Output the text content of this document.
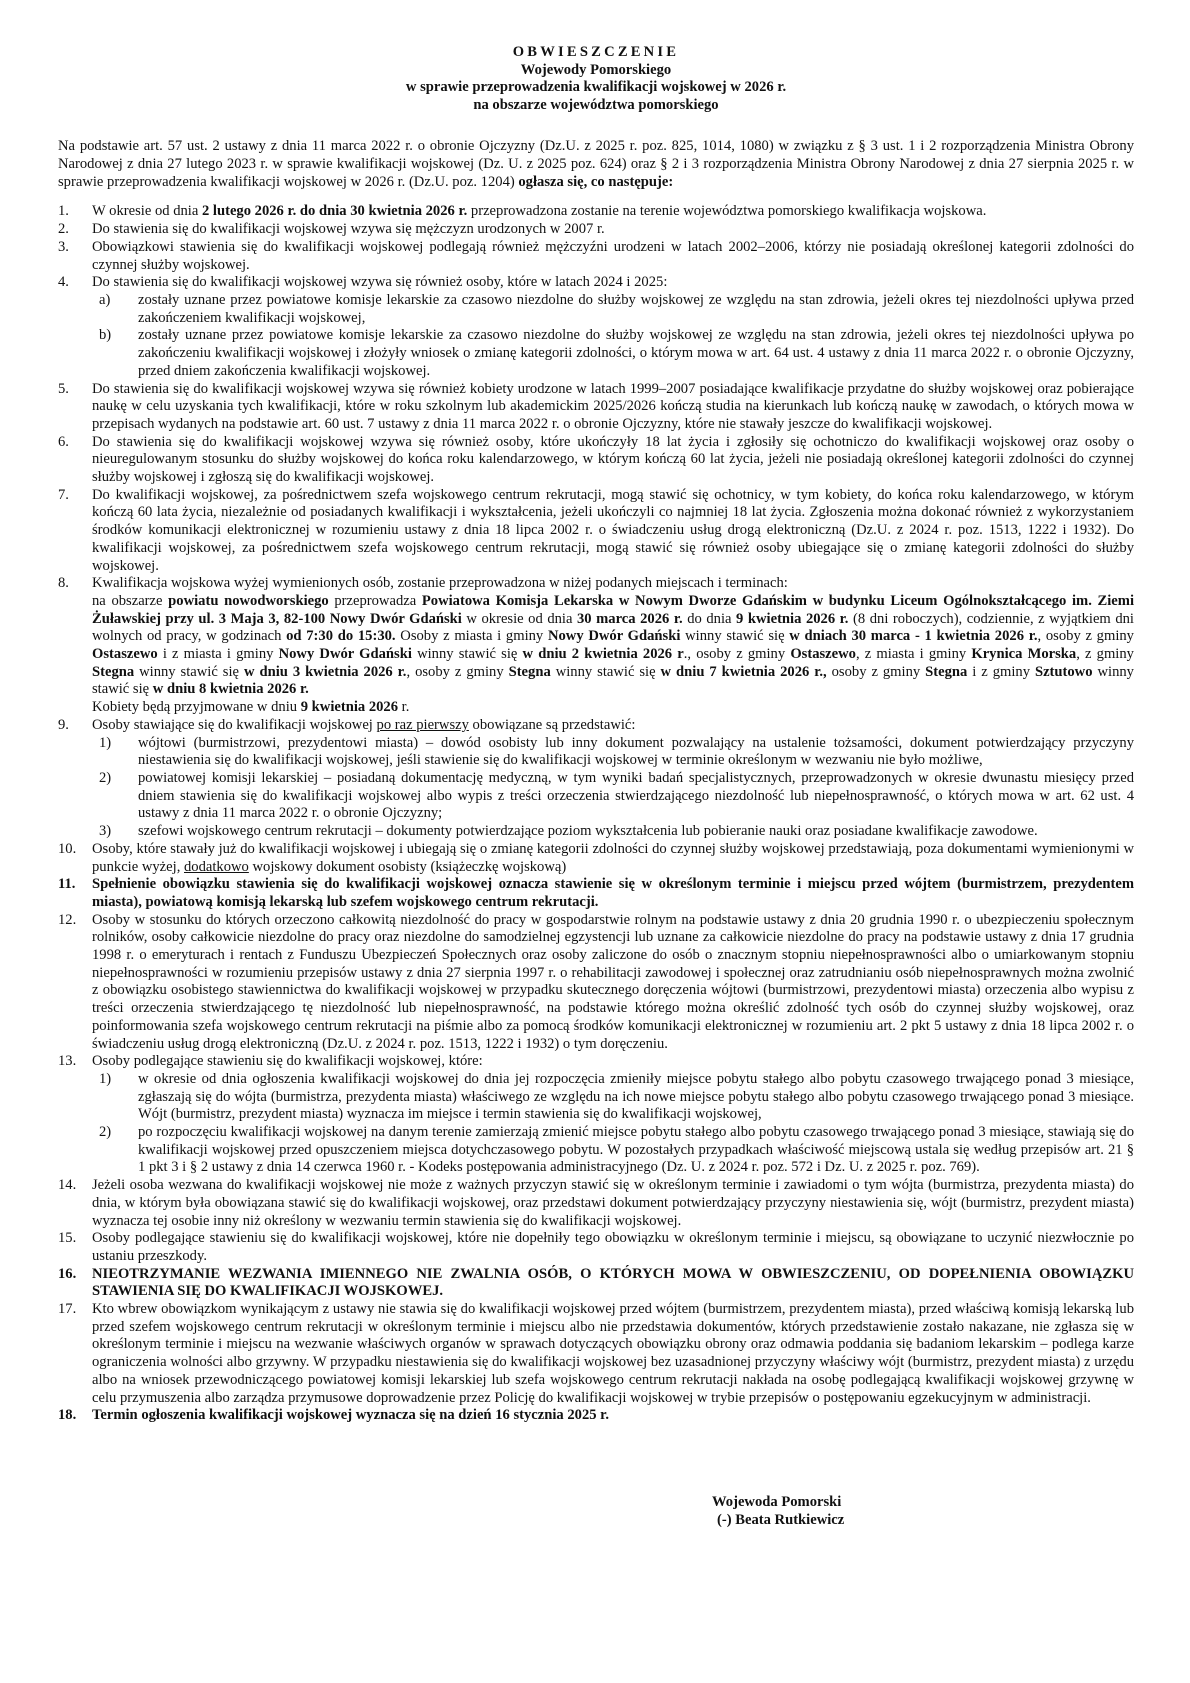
OBWIESZCZENIE
Wojewody Pomorskiego
w sprawie przeprowadzenia kwalifikacji wojskowej w 2026 r.
na obszarze województwa pomorskiego
Na podstawie art. 57 ust. 2 ustawy z dnia 11 marca 2022 r. o obronie Ojczyzny (Dz.U. z 2025 r. poz. 825, 1014, 1080) w związku z § 3 ust. 1 i 2 rozporządzenia Ministra Obrony Narodowej z dnia 27 lutego 2023 r. w sprawie kwalifikacji wojskowej (Dz. U. z 2025 poz. 624) oraz § 2 i 3 rozporządzenia Ministra Obrony Narodowej z dnia 27 sierpnia 2025 r. w sprawie przeprowadzenia kwalifikacji wojskowej w 2026 r. (Dz.U. poz. 1204) ogłasza się, co następuje:
1.	W okresie od dnia 2 lutego 2026 r. do dnia 30 kwietnia 2026 r. przeprowadzona zostanie na terenie województwa pomorskiego kwalifikacja wojskowa.
2.	Do stawienia się do kwalifikacji wojskowej wzywa się mężczyzn urodzonych w 2007 r.
3.	Obowiązkowi stawienia się do kwalifikacji wojskowej podlegają również mężczyźni urodzeni w latach 2002–2006, którzy nie posiadają określonej kategorii zdolności do czynnej służby wojskowej.
4.	Do stawienia się do kwalifikacji wojskowej wzywa się również osoby, które w latach 2024 i 2025:
a)	zostały uznane przez powiatowe komisje lekarskie za czasowo niezdolne do służby wojskowej ze względu na stan zdrowia, jeżeli okres tej niezdolności upływa przed zakończeniem kwalifikacji wojskowej,
b)	zostały uznane przez powiatowe komisje lekarskie za czasowo niezdolne do służby wojskowej ze względu na stan zdrowia, jeżeli okres tej niezdolności upływa po zakończeniu kwalifikacji wojskowej i złożyły wniosek o zmianę kategorii zdolności, o którym mowa w art. 64 ust. 4 ustawy z dnia 11 marca 2022 r. o obronie Ojczyzny, przed dniem zakończenia kwalifikacji wojskowej.
5.	Do stawienia się do kwalifikacji wojskowej wzywa się również kobiety urodzone w latach 1999–2007 posiadające kwalifikacje przydatne do służby wojskowej oraz pobierające naukę w celu uzyskania tych kwalifikacji, które w roku szkolnym lub akademickim 2025/2026 kończą studia na kierunkach lub kończą naukę w zawodach, o których mowa w przepisach wydanych na podstawie art. 60 ust. 7 ustawy z dnia 11 marca 2022 r. o obronie Ojczyzny, które nie stawały jeszcze do kwalifikacji wojskowej.
6.	Do stawienia się do kwalifikacji wojskowej wzywa się również osoby, które ukończyły 18 lat życia i zgłosiły się ochotniczo do kwalifikacji wojskowej oraz osoby o nieuregulowanym stosunku do służby wojskowej do końca roku kalendarzowego, w którym kończą 60 lat życia, jeżeli nie posiadają określonej kategorii zdolności do czynnej służby wojskowej i zgłoszą się do kwalifikacji wojskowej.
7.	Do kwalifikacji wojskowej, za pośrednictwem szefa wojskowego centrum rekrutacji, mogą stawić się ochotnicy, w tym kobiety, do końca roku kalendarzowego, w którym kończą 60 lata życia, niezależnie od posiadanych kwalifikacji i wykształcenia, jeżeli ukończyli co najmniej 18 lat życia. Zgłoszenia można dokonać również z wykorzystaniem środków komunikacji elektronicznej w rozumieniu ustawy z dnia 18 lipca 2002 r. o świadczeniu usług drogą elektroniczną (Dz.U. z 2024 r. poz. 1513, 1222 i 1932). Do kwalifikacji wojskowej, za pośrednictwem szefa wojskowego centrum rekrutacji, mogą stawić się również osoby ubiegające się o zmianę kategorii zdolności do służby wojskowej.
8.	Kwalifikacja wojskowa wyżej wymienionych osób, zostanie przeprowadzona w niżej podanych miejscach i terminach:
na obszarze powiatu nowodworskiego przeprowadza Powiatowa Komisja Lekarska w Nowym Dworze Gdańskim w budynku Liceum Ogólnokształcącego im. Ziemi Żuławskiej przy ul. 3 Maja 3, 82-100 Nowy Dwór Gdański w okresie od dnia 30 marca 2026 r. do dnia 9 kwietnia 2026 r. (8 dni roboczych), codziennie, z wyjątkiem dni wolnych od pracy, w godzinach od 7:30 do 15:30. Osoby z miasta i gminy Nowy Dwór Gdański winny stawić się w dniach 30 marca - 1 kwietnia 2026 r., osoby z gminy Ostaszewo i z miasta i gminy Nowy Dwór Gdański winny stawić się w dniu 2 kwietnia 2026 r., osoby z gminy Ostaszewo, z miasta i gminy Krynica Morska, z gminy Stegna winny stawić się w dniu 3 kwietnia 2026 r., osoby z gminy Stegna winny stawić się w dniu 7 kwietnia 2026 r., osoby z gminy Stegna i z gminy Sztutowo winny stawić się w dniu 8 kwietnia 2026 r.
Kobiety będą przyjmowane w dniu 9 kwietnia 2026 r.
9.	Osoby stawiające się do kwalifikacji wojskowej po raz pierwszy obowiązane są przedstawić:
1)	wójtowi (burmistrzowi, prezydentowi miasta) – dowód osobisty lub inny dokument pozwalający na ustalenie tożsamości, dokument potwierdzający przyczyny niestawienia się do kwalifikacji wojskowej, jeśli stawienie się do kwalifikacji wojskowej w terminie określonym w wezwaniu nie było możliwe,
2)	powiatowej komisji lekarskiej – posiadaną dokumentację medyczną, w tym wyniki badań specjalistycznych, przeprowadzonych w okresie dwunastu miesięcy przed dniem stawienia się do kwalifikacji wojskowej albo wypis z treści orzeczenia stwierdzającego niezdolność lub niepełnosprawność, o których mowa w art. 62 ust. 4 ustawy z dnia 11 marca 2022 r. o obronie Ojczyzny;
3)	szefowi wojskowego centrum rekrutacji – dokumenty potwierdzające poziom wykształcenia lub pobieranie nauki oraz posiadane kwalifikacje zawodowe.
10.	Osoby, które stawały już do kwalifikacji wojskowej i ubiegają się o zmianę kategorii zdolności do czynnej służby wojskowej przedstawiają, poza dokumentami wymienionymi w punkcie wyżej, dodatkowo wojskowy dokument osobisty (książeczkę wojskową)
11.	Spełnienie obowiązku stawienia się do kwalifikacji wojskowej oznacza stawienie się w określonym terminie i miejscu przed wójtem (burmistrzem, prezydentem miasta), powiatową komisją lekarską lub szefem wojskowego centrum rekrutacji.
12.	Osoby w stosunku do których orzeczono całkowitą niezdolność do pracy w gospodarstwie rolnym na podstawie ustawy z dnia 20 grudnia 1990 r. o ubezpieczeniu społecznym rolników, osoby całkowicie niezdolne do pracy oraz niezdolne do samodzielnej egzystencji lub uznane za całkowicie niezdolne do pracy na podstawie ustawy z dnia 17 grudnia 1998 r. o emeryturach i rentach z Funduszu Ubezpieczeń Społecznych oraz osoby zaliczone do osób o znacznym stopniu niepełnosprawności albo o umiarkowanym stopniu niepełnosprawności w rozumieniu przepisów ustawy z dnia 27 sierpnia 1997 r. o rehabilitacji zawodowej i społecznej oraz zatrudnianiu osób niepełnosprawnych można zwolnić z obowiązku osobistego stawiennictwa do kwalifikacji wojskowej w przypadku skutecznego doręczenia wójtowi (burmistrzowi, prezydentowi miasta) orzeczenia albo wypisu z treści orzeczenia stwierdzającego tę niezdolność lub niepełnosprawność, na podstawie którego można określić zdolność tych osób do czynnej służby wojskowej, oraz poinformowania szefa wojskowego centrum rekrutacji na piśmie albo za pomocą środków komunikacji elektronicznej w rozumieniu art. 2 pkt 5 ustawy z dnia 18 lipca 2002 r. o świadczeniu usług drogą elektroniczną (Dz.U. z 2024 r. poz. 1513, 1222 i 1932) o tym doręczeniu.
13.	Osoby podlegające stawieniu się do kwalifikacji wojskowej, które:
1)	w okresie od dnia ogłoszenia kwalifikacji wojskowej do dnia jej rozpoczęcia zmieniły miejsce pobytu stałego albo pobytu czasowego trwającego ponad 3 miesiące, zgłaszają się do wójta (burmistrza, prezydenta miasta) właściwego ze względu na ich nowe miejsce pobytu stałego albo pobytu czasowego trwającego ponad 3 miesiące. Wójt (burmistrz, prezydent miasta) wyznacza im miejsce i termin stawienia się do kwalifikacji wojskowej,
2)	po rozpoczęciu kwalifikacji wojskowej na danym terenie zamierzają zmienić miejsce pobytu stałego albo pobytu czasowego trwającego ponad 3 miesiące, stawiają się do kwalifikacji wojskowej przed opuszczeniem miejsca dotychczasowego pobytu. W pozostałych przypadkach właściwość miejscową ustala się według przepisów art. 21 § 1 pkt 3 i § 2 ustawy z dnia 14 czerwca 1960 r. - Kodeks postępowania administracyjnego (Dz. U. z 2024 r. poz. 572 i Dz. U. z 2025 r. poz. 769).
14.	Jeżeli osoba wezwana do kwalifikacji wojskowej nie może z ważnych przyczyn stawić się w określonym terminie i zawiadomi o tym wójta (burmistrza, prezydenta miasta) do dnia, w którym była obowiązana stawić się do kwalifikacji wojskowej, oraz przedstawi dokument potwierdzający przyczyny niestawienia się, wójt (burmistrz, prezydent miasta) wyznacza tej osobie inny niż określony w wezwaniu termin stawienia się do kwalifikacji wojskowej.
15.	Osoby podlegające stawieniu się do kwalifikacji wojskowej, które nie dopełniły tego obowiązku w określonym terminie i miejscu, są obowiązane to uczynić niezwłocznie po ustaniu przeszkody.
16.	NIEOTRZYMANIE WEZWANIA IMIENNEGO NIE ZWALNIA OSÓB, O KTÓRYCH MOWA W OBWIESZCZENIU, OD DOPEŁNIENIA OBOWIĄZKU STAWIENIA SIĘ DO KWALIFIKACJI WOJSKOWEJ.
17.	Kto wbrew obowiązkom wynikającym z ustawy nie stawia się do kwalifikacji wojskowej przed wójtem (burmistrzem, prezydentem miasta), przed właściwą komisją lekarską lub przed szefem wojskowego centrum rekrutacji w określonym terminie i miejscu albo nie przedstawia dokumentów, których przedstawienie zostało nakazane, nie zgłasza się w określonym terminie i miejscu na wezwanie właściwych organów w sprawach dotyczących obowiązku obrony oraz odmawia poddania się badaniom lekarskim – podlega karze ograniczenia wolności albo grzywny. W przypadku niestawienia się do kwalifikacji wojskowej bez uzasadnionej przyczyny właściwy wójt (burmistrz, prezydent miasta) z urzędu albo na wniosek przewodniczącego powiatowej komisji lekarskiej lub szefa wojskowego centrum rekrutacji nakłada na osobę podlegającą kwalifikacji wojskowej grzywnę w celu przymuszenia albo zarządza przymusowe doprowadzenie przez Policję do kwalifikacji wojskowej w trybie przepisów o postępowaniu egzekucyjnym w administracji.
18.	Termin ogłoszenia kwalifikacji wojskowej wyznacza się na dzień 16 stycznia 2025 r.
Wojewoda Pomorski
(-) Beata Rutkiewicz
